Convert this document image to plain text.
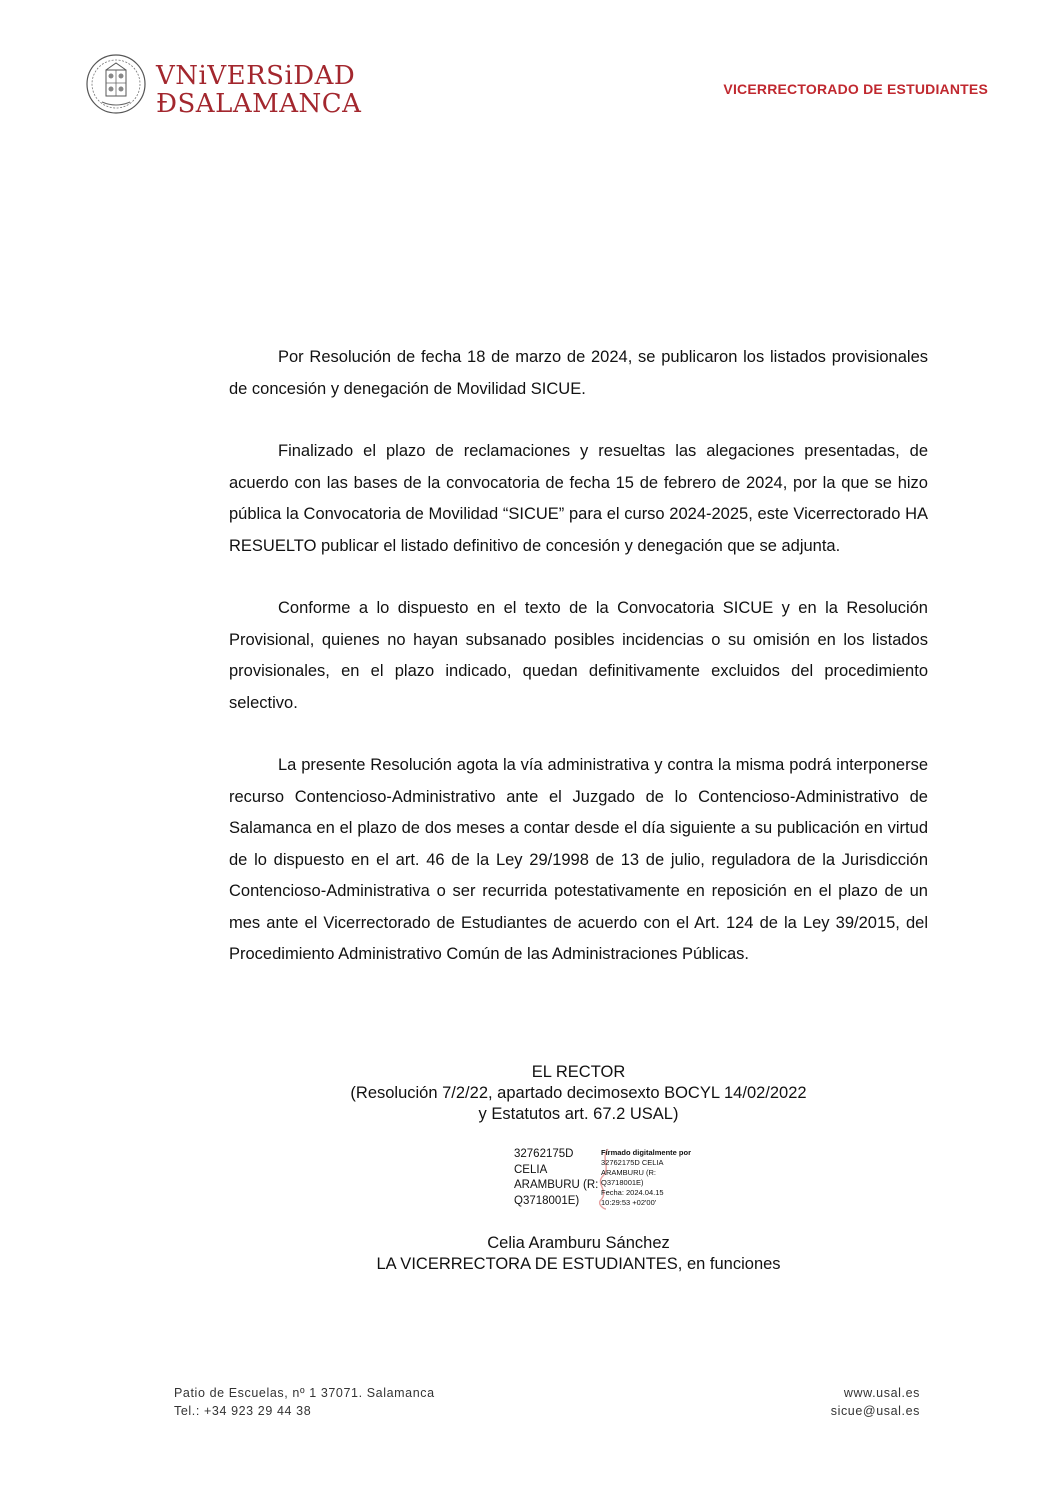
VNiVERSiDAD
ÐSALAMANCA	VICERRECTORADO DE ESTUDIANTES

Por Resolución de fecha 18 de marzo de 2024, se publicaron los listados provisionales de concesión y denegación de Movilidad SICUE.

Finalizado el plazo de reclamaciones y resueltas las alegaciones presentadas, de acuerdo con las bases de la convocatoria de fecha 15 de febrero de 2024, por la que se hizo pública la Convocatoria de Movilidad “SICUE” para el curso 2024-2025, este Vicerrectorado HA RESUELTO publicar el listado definitivo de concesión y denegación que se adjunta.

Conforme a lo dispuesto en el texto de la Convocatoria SICUE y en la Resolución Provisional, quienes no hayan subsanado posibles incidencias o su omisión en los listados provisionales, en el plazo indicado, quedan definitivamente excluidos del procedimiento selectivo.

La presente Resolución agota la vía administrativa y contra la misma podrá interponerse recurso Contencioso-Administrativo ante el Juzgado de lo Contencioso-Administrativo de Salamanca en el plazo de dos meses a contar desde el día siguiente a su publicación en virtud de lo dispuesto en el art. 46 de la Ley 29/1998 de 13 de julio, reguladora de la Jurisdicción Contencioso-Administrativa o ser recurrida potestativamente en reposición en el plazo de un mes ante el Vicerrectorado de Estudiantes de acuerdo con el Art. 124 de la Ley 39/2015, del Procedimiento Administrativo Común de las Administraciones Públicas.

EL RECTOR
(Resolución 7/2/22, apartado decimosexto BOCYL 14/02/2022
y Estatutos art. 67.2 USAL)
32762175D
CELIA
ARAMBURU (R:
Q3718001E)
Firmado digitalmente por
32762175D CELIA
ARAMBURU (R:
Q3718001E)
Fecha: 2024.04.15
10:29:53 +02'00'
Celia Aramburu Sánchez
LA VICERRECTORA DE ESTUDIANTES, en funciones
Patio de Escuelas, nº 1 37071. Salamanca
Tel.: +34 923 29 44 38
www.usal.es
sicue@usal.es
